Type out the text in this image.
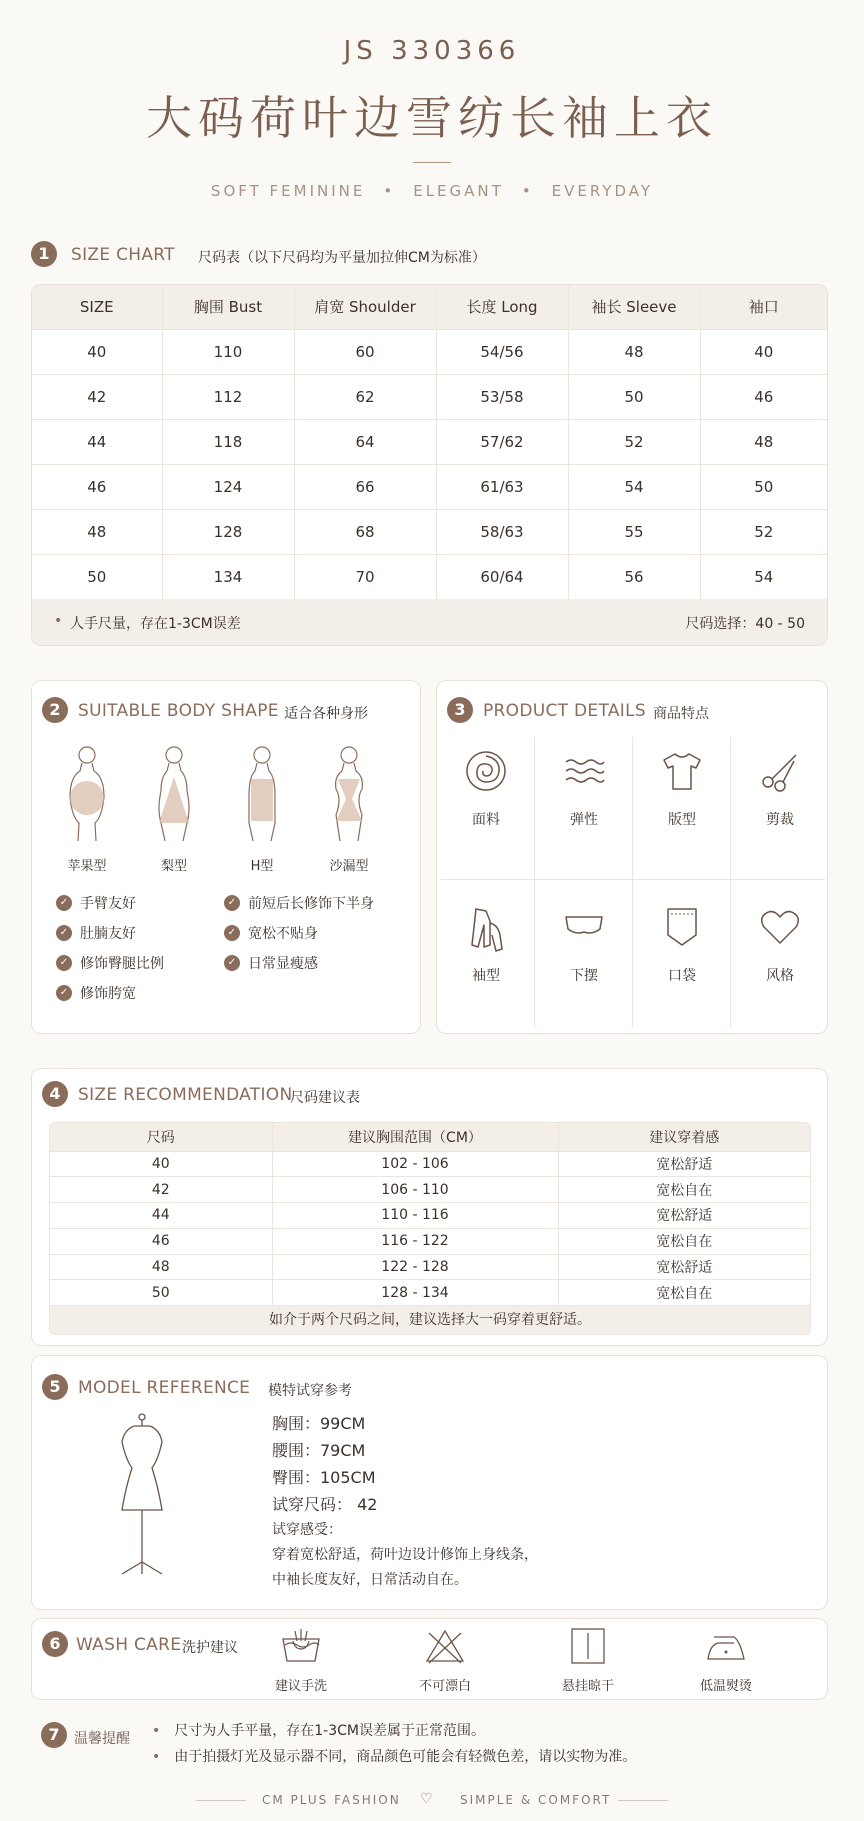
JS 330366
大码荷叶边雪纺长袖上衣
SOFT FEMININE • ELEGANT • EVERYDAY
1	SIZE CHART 尺码表（以下尺码均为平量加拉伸CM为标准）
SIZE	胸围 Bust	肩宽 Shoulder	长度 Long	袖长 Sleeve	袖口
40	110	60	54/56	48	40
42	112	62	53/58	50	46
44	118	64	57/62	52	48
46	124	66	61/63	54	50
48	128	68	58/63	55	52
50	134	70	60/64	56	54
• 人手尺量，存在1-3CM误差	尺码选择：40 - 50
2	SUITABLE BODY SHAPE 适合各种身形
苹果型	梨型	H型	沙漏型
✓ 手臂友好	✓ 前短后长修饰下半身
✓ 肚腩友好	✓ 宽松不贴身
✓ 修饰臀腿比例	✓ 日常显瘦感
✓ 修饰胯宽
3	PRODUCT DETAILS 商品特点
面料	弹性	版型	剪裁
袖型	下摆	口袋	风格
4	SIZE RECOMMENDATION
尺码建议表
尺码	建议胸围范围（CM）	建议穿着感
40	102 - 106	宽松舒适
42	106 - 110	宽松自在
44	110 - 116	宽松舒适
46	116 - 122	宽松自在
48	122 - 128	宽松舒适
50	128 - 134	宽松自在
如介于两个尺码之间，建议选择大一码穿着更舒适。
5	MODEL REFERENCE 模特试穿参考
胸围：99CM
腰围：79CM
臀围：105CM
试穿尺码： 42
试穿感受：
穿着宽松舒适，荷叶边设计修饰上身线条，
中袖长度友好，日常活动自在。
6 WASH CARE 洗护建议
建议手洗	不可漂白	悬挂晾干	低温熨烫
7	温馨提醒 • 尺寸为人手平量，存在1-3CM误差属于正常范围。
• 由于拍摄灯光及显示器不同，商品颜色可能会有轻微色差，请以实物为准。
CM PLUS FASHION ♡ SIMPLE & COMFORT
